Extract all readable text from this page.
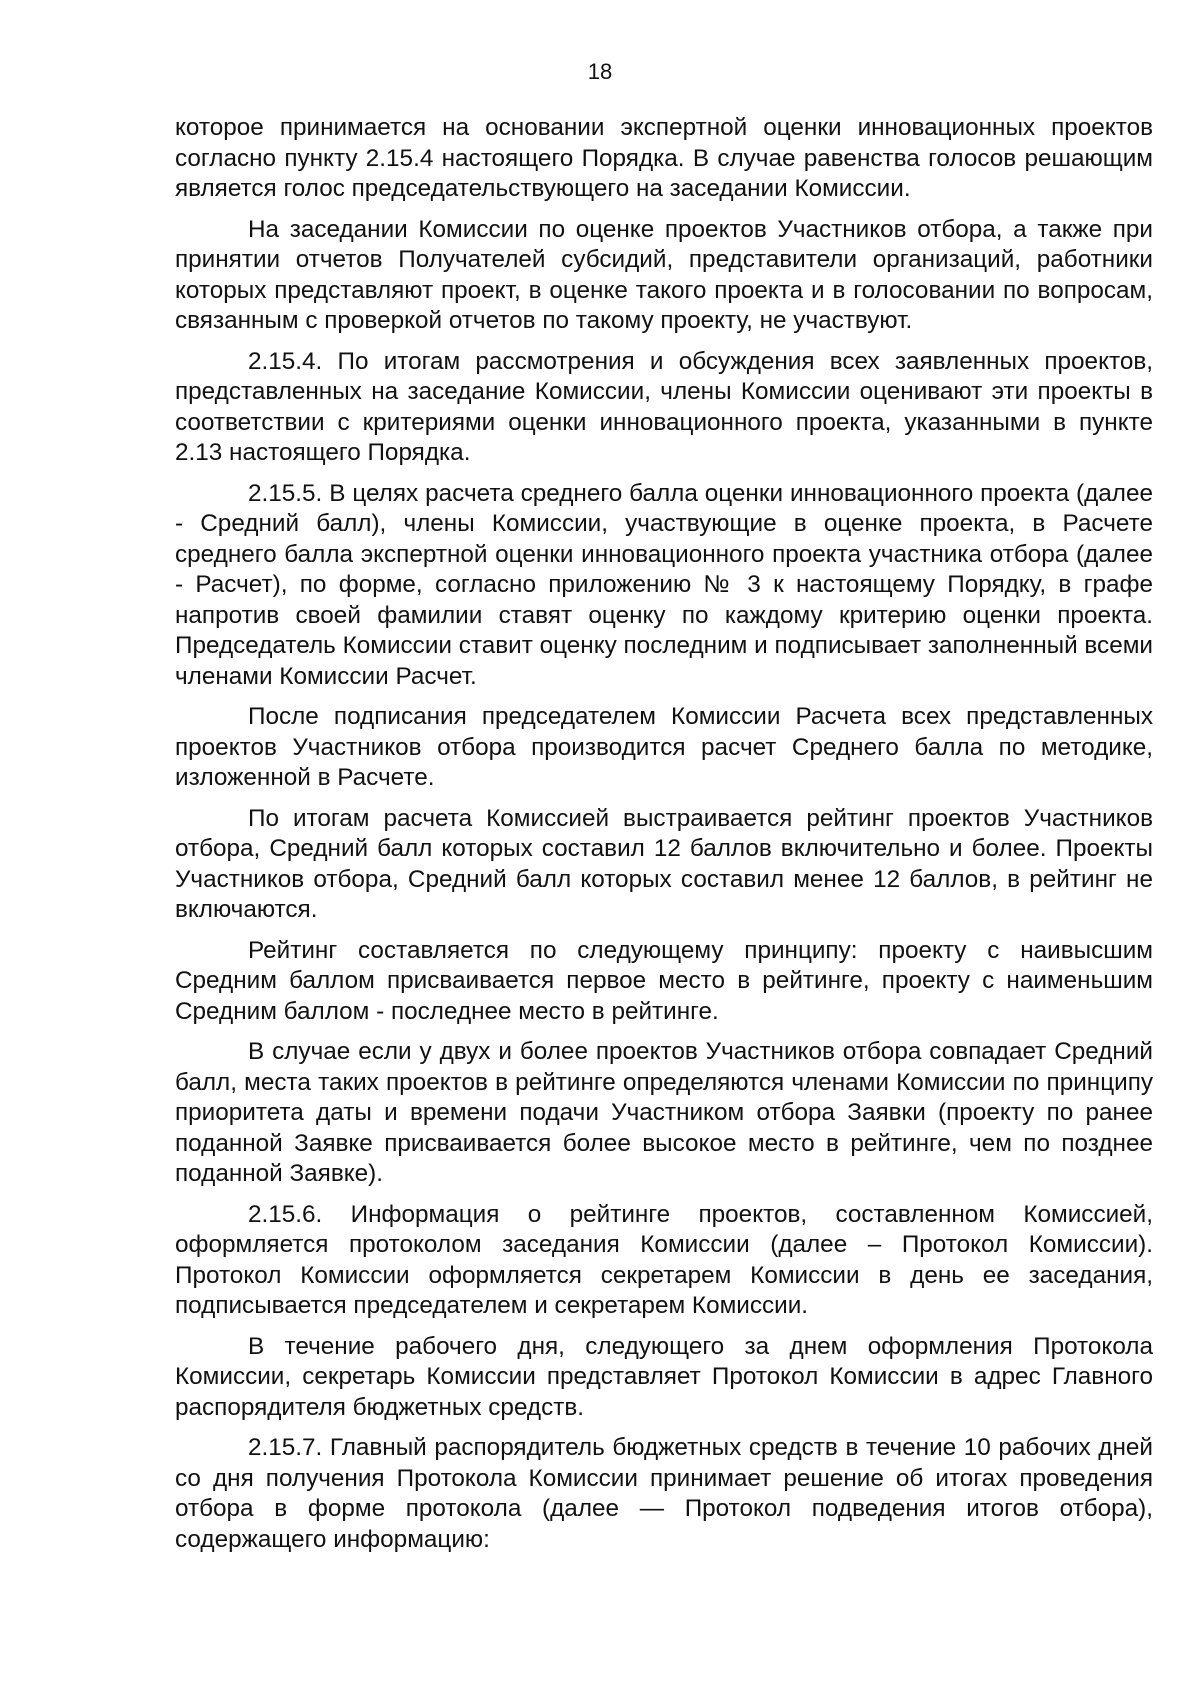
18

которое принимается на основании экспертной оценки инновационных проектов согласно пункту 2.15.4 настоящего Порядка. В случае равенства голосов решающим является голос председательствующего на заседании Комиссии.

На заседании Комиссии по оценке проектов Участников отбора, а также при принятии отчетов Получателей субсидий, представители организаций, работники которых представляют проект, в оценке такого проекта и в голосовании по вопросам, связанным с проверкой отчетов по такому проекту, не участвуют.

2.15.4. По итогам рассмотрения и обсуждения всех заявленных проектов, представленных на заседание Комиссии, члены Комиссии оценивают эти проекты в соответствии с критериями оценки инновационного проекта, указанными в пункте 2.13 настоящего Порядка.

2.15.5. В целях расчета среднего балла оценки инновационного проекта (далее - Средний балл), члены Комиссии, участвующие в оценке проекта, в Расчете среднего балла экспертной оценки инновационного проекта участника отбора (далее - Расчет), по форме, согласно приложению № 3 к настоящему Порядку, в графе напротив своей фамилии ставят оценку по каждому критерию оценки проекта. Председатель Комиссии ставит оценку последним и подписывает заполненный всеми членами Комиссии Расчет.

После подписания председателем Комиссии Расчета всех представленных проектов Участников отбора производится расчет Среднего балла по методике, изложенной в Расчете.

По итогам расчета Комиссией выстраивается рейтинг проектов Участников отбора, Средний балл которых составил 12 баллов включительно и более. Проекты Участников отбора, Средний балл которых составил менее 12 баллов, в рейтинг не включаются.

Рейтинг составляется по следующему принципу: проекту с наивысшим Средним баллом присваивается первое место в рейтинге, проекту с наименьшим Средним баллом - последнее место в рейтинге.

В случае если у двух и более проектов Участников отбора совпадает Средний балл, места таких проектов в рейтинге определяются членами Комиссии по принципу приоритета даты и времени подачи Участником отбора Заявки (проекту по ранее поданной Заявке присваивается более высокое место в рейтинге, чем по позднее поданной Заявке).

2.15.6. Информация о рейтинге проектов, составленном Комиссией, оформляется протоколом заседания Комиссии (далее – Протокол Комиссии). Протокол Комиссии оформляется секретарем Комиссии в день ее заседания, подписывается председателем и секретарем Комиссии.

В течение рабочего дня, следующего за днем оформления Протокола Комиссии, секретарь Комиссии представляет Протокол Комиссии в адрес Главного распорядителя бюджетных средств.

2.15.7. Главный распорядитель бюджетных средств в течение 10 рабочих дней со дня получения Протокола Комиссии принимает решение об итогах проведения отбора в форме протокола (далее — Протокол подведения итогов отбора), содержащего информацию:
